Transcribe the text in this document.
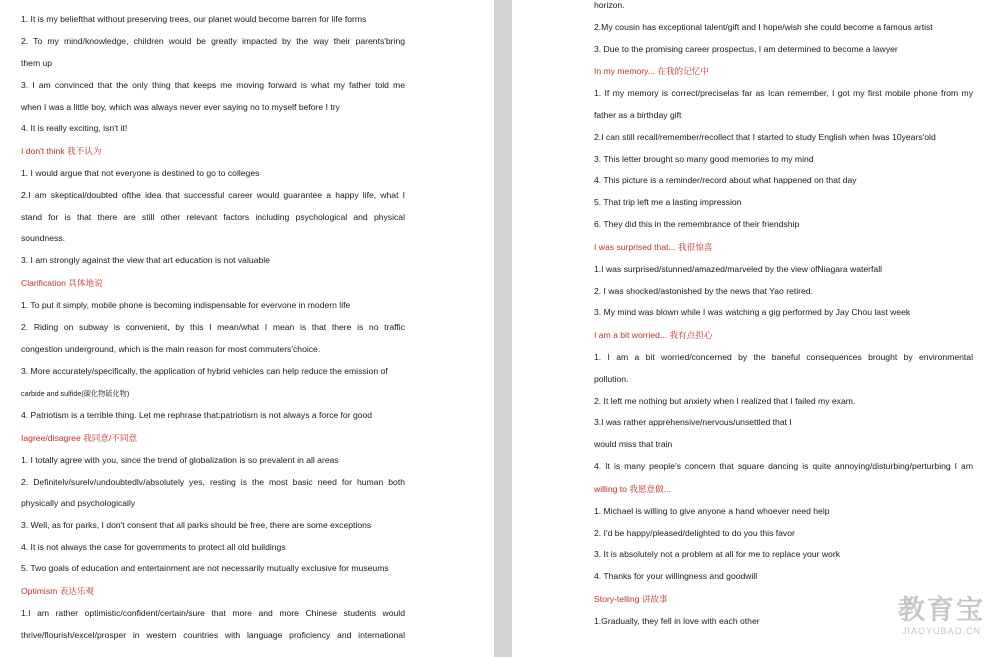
1. It is my beliefthat without preserving trees, our planet would become barren for life forms
2. To my mind/knowledge, children would be greatly impacted by the way their parents'bring
them up
3. I am convinced that the only thing that keeps me moving forward is what my father told me
when I was a little boy, which was always never ever saying no to myself before I try
4. It is really exciting, isn't it!
I don't think 我不认为
1. I would argue that not everyone is destined to go to colleges
2.I am skeptical/doubted ofthe idea that successful career would guarantee a happy life, what I
stand for is that there are still other relevant factors including psychological and physical
soundness.
3. I am strongly against the view that art education is not valuable
Clarification 具体地说
1. To put it simply, mobile phone is becoming indispensable for evervone in modern life
2. Riding on subway is convenient, by this I mean/what I mean is that there is no traffic
congestion underground, which is the main reason for most commuters'choice.
3. More accurately/specifically, the application of hybrid vehicles can help reduce the emission of
carbide and sulfide(碳化物硫化物)
4. Patriotism is a terrible thing. Let me rephrase that:patriotism is not always a force for good
Iagree/disagree 我同意/不同意
1. I totally agree with you, since the trend of globalization is so prevalent in all areas
2. Definitelv/surelv/undoubtedlv/absolutely yes, resting is the most basic need for human both
physically and psychologically
3. Well, as for parks, I don't consent that all parks should be free, there are some exceptions
4. It is not always the case for governments to protect all old buildings
5. Two goals of education and entertainment are not necessarily mutually exclusive for museums
Optimism 表达乐观
1.I am rather optimistic/confident/certain/sure that more and more Chinese students would
thrive/flourish/excel/prosper in western countries with language proficiency and international
horizon.
2.My cousin has exceptional talent/gift and I hope/wish she could become a famous artist
3. Due to the promising career prospectus, I am determined to become a lawyer
In my memory... 在我的记忆中
1. If my memory is correct/preciselas far as Ican remember, I got my first mobile phone from my
father as a birthday gift
2.I can still recall/remember/recollect that I started to study English when Iwas 10years'old
3. This letter brought so many good memories to my mind
4. This picture is a reminder/record about what happened on that day
5. That trip left me a lasting impression
6. They did this in the remembrance of their friendship
I was surprised that... 我很惊喜
1.I was surprised/stunned/amazed/marveled by the view ofNiagara waterfall
2. I was shocked/astonished by the news that Yao retired.
3. My mind was blown while I was watching a gig performed by Jay Chou last week
I am a bit worried... 我有点担心
1. I am a bit worried/concerned by the baneful consequences brought by environmental
pollution.
2. It left me nothing but anxiety when I realized that I failed my exam.
3.I was rather apprehensive/nervous/unsettled that I
would miss that train
4. It is many people's concern that square dancing is quite annoying/disturbing/perturbing I am
willing to 我愿意做...
1. Michael is willing to give anyone a hand whoever need help
2. I'd be happy/pleased/delighted to do you this favor
3. It is absolutely not a problem at all for me to replace your work
4. Thanks for your willingness and goodwill
Story-telling 讲故事
1.Gradually, they fell in love with each other	教育宝
JIAOYUBAO.CN
